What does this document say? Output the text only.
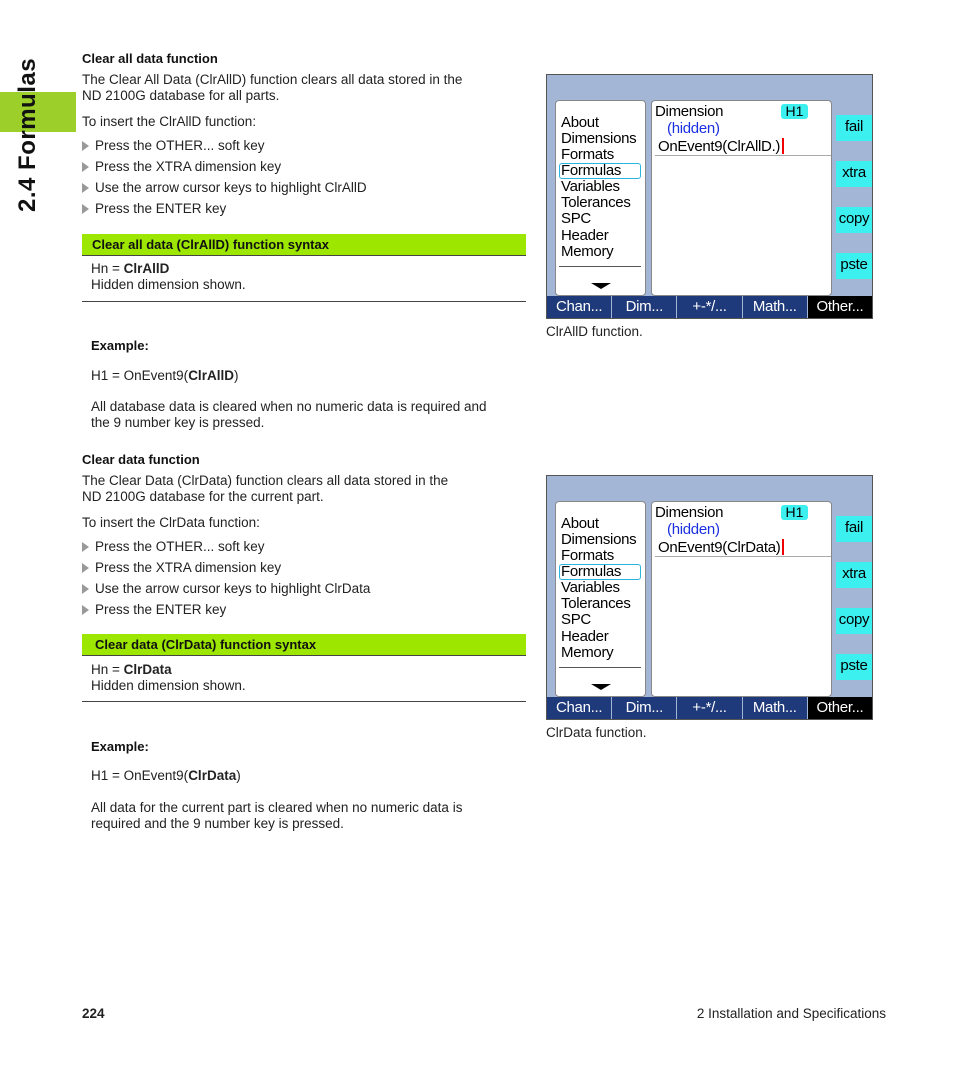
2.4 Formulas	Clear all data function
The Clear All Data (ClrAllD) function clears all data stored in the
ND 2100G database for all parts.
To insert the ClrAllD function:
Press the OTHER... soft key
Press the XTRA dimension key
Use the arrow cursor keys to highlight ClrAllD
Press the ENTER key
Clear all data (ClrAllD) function syntax
Hn = ClrAllD
Hidden dimension shown.
Example:
H1 = OnEvent9(ClrAllD)
All database data is cleared when no numeric data is required and
the 9 number key is pressed.
About
Dimensions
Formats
Formulas
Variables
Tolerances
SPC
Header
Memory
Dimension	H1
(hidden)
OnEvent9(ClrAllD.)
fail
xtra
copy
pste
Chan...	Dim...	+-*/...	Math...	Other...
ClrAllD function.
Clear data function
The Clear Data (ClrData) function clears all data stored in the
ND 2100G database for the current part.
To insert the ClrData function:
Press the OTHER... soft key
Press the XTRA dimension key
Use the arrow cursor keys to highlight ClrData
Press the ENTER key
Clear data (ClrData) function syntax
Hn = ClrData
Hidden dimension shown.
Example:
H1 = OnEvent9(ClrData)
All data for the current part is cleared when no numeric data is
required and the 9 number key is pressed.
About
Dimensions
Formats
Formulas
Variables
Tolerances
SPC
Header
Memory
Dimension	H1
(hidden)
OnEvent9(ClrData)
fail
xtra
copy
pste
Chan...	Dim...	+-*/...	Math...	Other...
ClrData function.
224	2 Installation and Specifications
